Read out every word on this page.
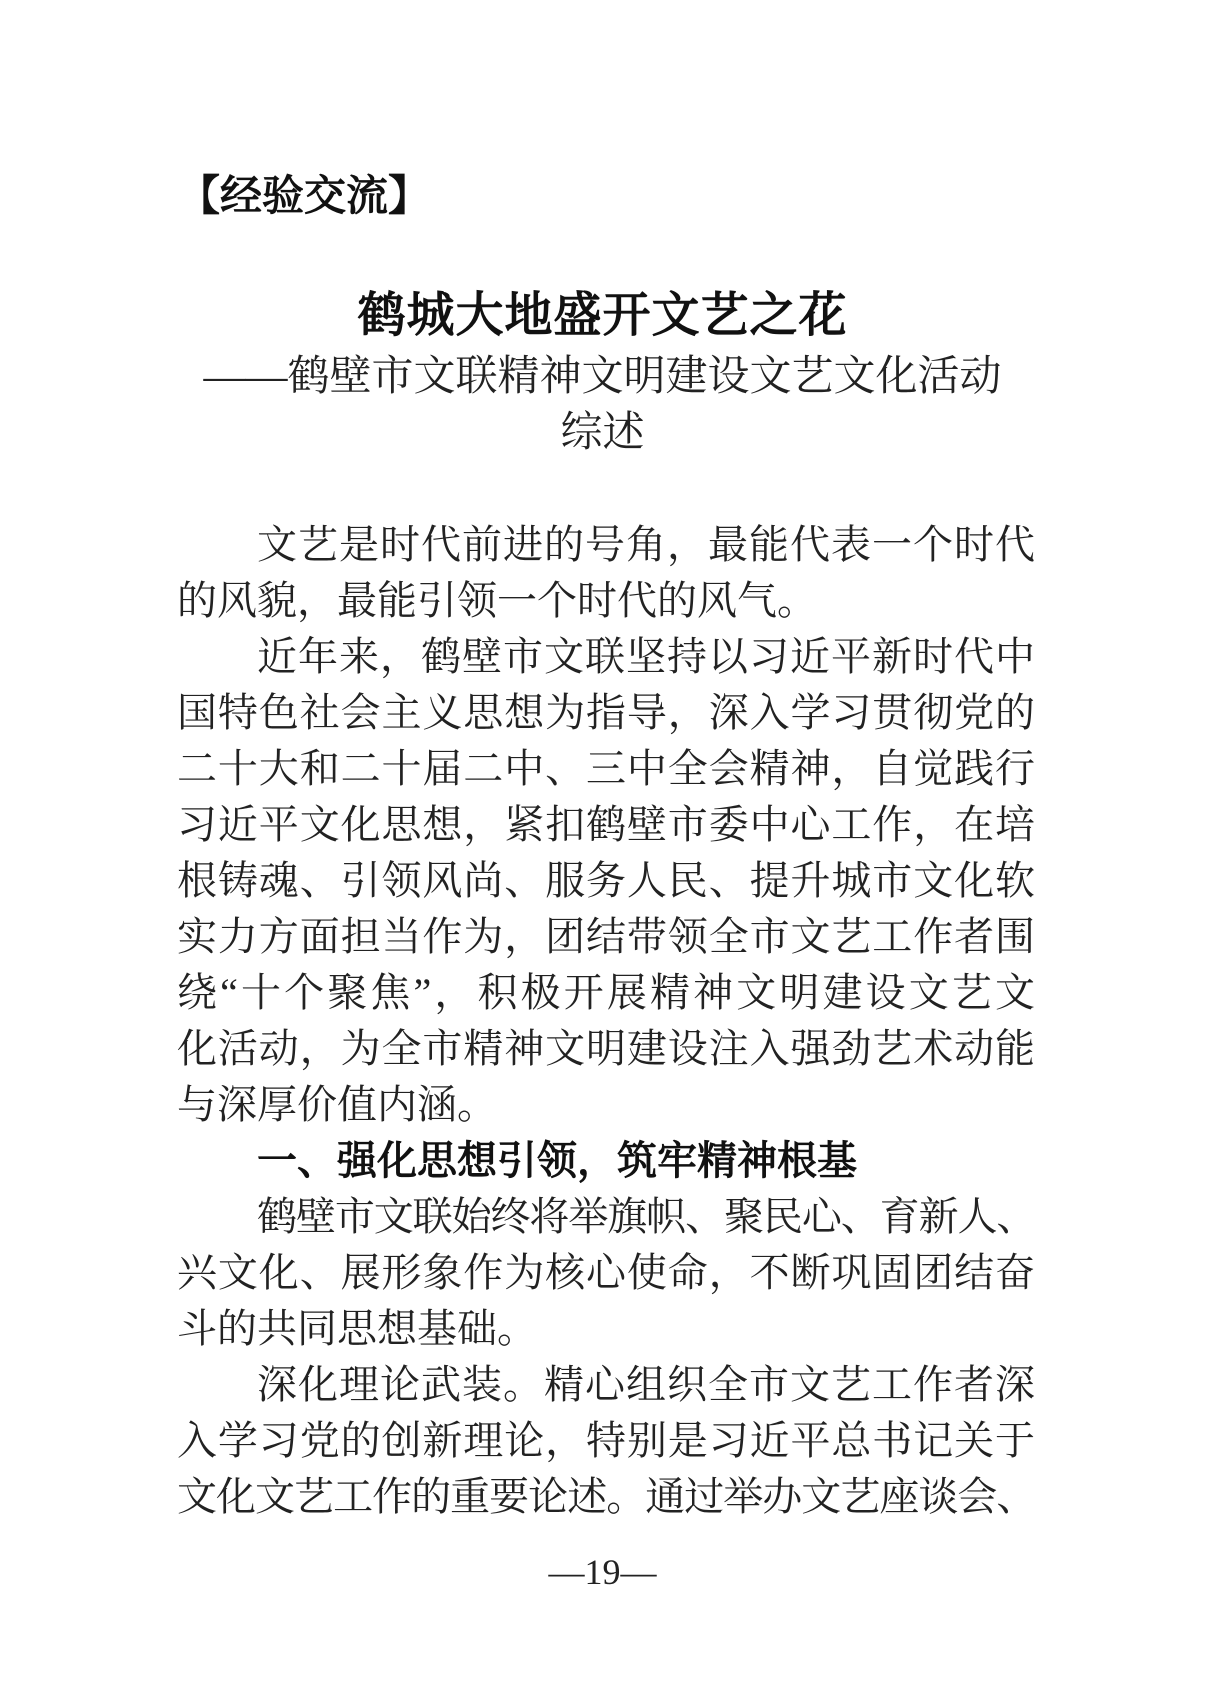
【经验交流】
鹤城大地盛开文艺之花
——鹤壁市文联精神文明建设文艺文化活动
综述
文艺是时代前进的号角，最能代表一个时代
的风貌，最能引领一个时代的风气。
近年来，鹤壁市文联坚持以习近平新时代中
国特色社会主义思想为指导，深入学习贯彻党的
二十大和二十届二中、三中全会精神，自觉践行
习近平文化思想，紧扣鹤壁市委中心工作，在培
根铸魂、引领风尚、服务人民、提升城市文化软
实力方面担当作为，团结带领全市文艺工作者围
绕“十个聚焦”，积极开展精神文明建设文艺文
化活动，为全市精神文明建设注入强劲艺术动能
与深厚价值内涵。
一、强化思想引领，筑牢精神根基
鹤壁市文联始终将举旗帜、聚民心、育新人、
兴文化、展形象作为核心使命，不断巩固团结奋
斗的共同思想基础。
深化理论武装。精心组织全市文艺工作者深
入学习党的创新理论，特别是习近平总书记关于
文化文艺工作的重要论述。通过举办文艺座谈会、
—19—
